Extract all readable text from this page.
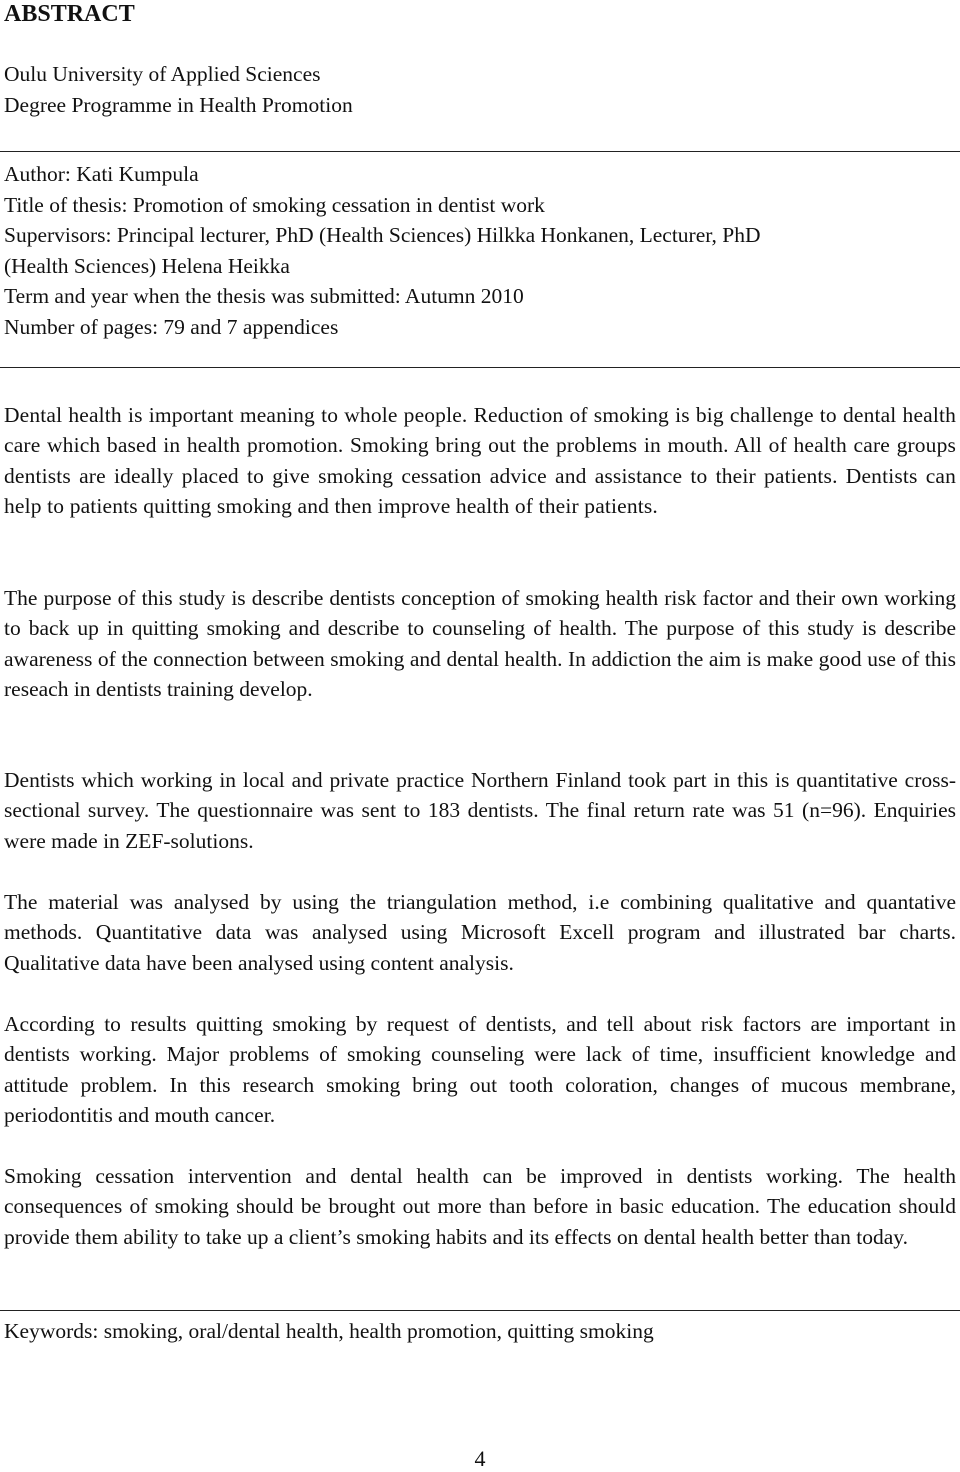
ABSTRACT
Oulu University of Applied Sciences
Degree Programme in Health Promotion
Author: Kati Kumpula
Title of thesis: Promotion of smoking cessation in dentist work
Supervisors: Principal lecturer, PhD (Health Sciences) Hilkka Honkanen, Lecturer, PhD
(Health Sciences) Helena Heikka
Term and year when the thesis was submitted: Autumn 2010
Number of pages: 79 and 7 appendices

Dental health is important meaning to whole people. Reduction of smoking is big challenge to dental health care which based in health promotion. Smoking bring out the problems in mouth. All of health care groups dentists are ideally placed to give smoking cessation advice and assistance to their patients. Dentists can help to patients quitting smoking and then improve health of their patients.

The purpose of this study is describe dentists conception of smoking health risk factor and their own working to back up in quitting smoking and describe to counseling of health. The purpose of this study is describe awareness of the connection between smoking and dental health. In addiction the aim is make good use of this reseach in dentists training develop.

Dentists which working in local and private practice Northern Finland took part in this is quantitative cross-sectional survey. The questionnaire was sent to 183 dentists. The final return rate was 51 (n=96). Enquiries were made in ZEF-solutions.

The material was analysed by using the triangulation method, i.e combining qualitative and quantative methods. Quantitative data was analysed using Microsoft Excell program and illustrated bar charts. Qualitative data have been analysed using content analysis.

According to results quitting smoking by request of dentists, and tell about risk factors are important in dentists working. Major problems of smoking counseling were lack of time, insufficient knowledge and attitude problem. In this research smoking bring out tooth coloration, changes of mucous membrane, periodontitis and mouth cancer.

Smoking cessation intervention and dental health can be improved in dentists working. The health consequences of smoking should be brought out more than before in basic education. The education should provide them ability to take up a client’s smoking habits and its effects on dental health better than today.

Keywords: smoking, oral/dental health, health promotion, quitting smoking
4
